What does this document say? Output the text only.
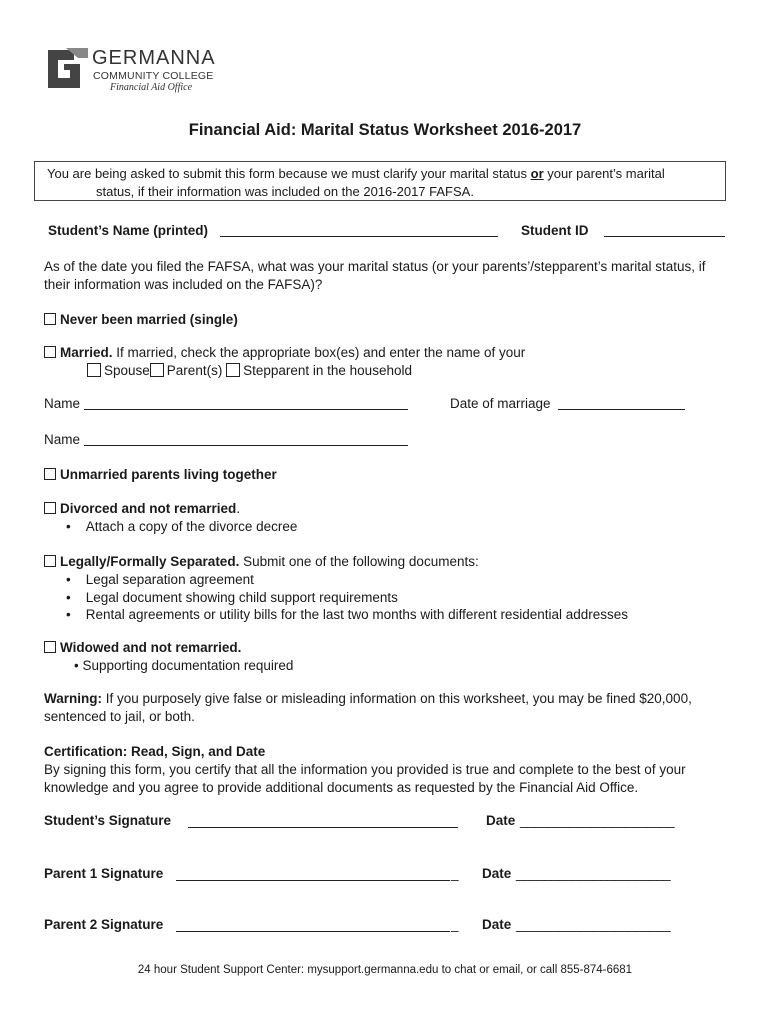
GERMANNA
COMMUNITY COLLEGE
Financial Aid Office
Financial Aid: Marital Status Worksheet 2016-2017
You are being asked to submit this form because we must clarify your marital status or your parent’s marital
status, if their information was included on the 2016-2017 FAFSA.
Student’s Name (printed)	Student ID
As of the date you filed the FAFSA, what was your marital status (or your parents’/stepparent’s marital status, if their information was included on the FAFSA)?
Never been married (single)
Married. If married, check the appropriate box(es) and enter the name of your
Spouse Parent(s) Stepparent in the household
Name	Date of marriage
Name
Unmarried parents living together
Divorced and not remarried.
• Attach a copy of the divorce decree
Legally/Formally Separated. Submit one of the following documents:
• Legal separation agreement
• Legal document showing child support requirements
• Rental agreements or utility bills for the last two months with different residential addresses
Widowed and not remarried.
• Supporting documentation required
Warning: If you purposely give false or misleading information on this worksheet, you may be fined $20,000,
sentenced to jail, or both.
Certification: Read, Sign, and Date
By signing this form, you certify that all the information you provided is true and complete to the best of your
knowledge and you agree to provide additional documents as requested by the Financial Aid Office.
Student’s Signature	Date ______________________
Parent 1 Signature	_ Date ______________________
Parent 2 Signature	_ Date ______________________
24 hour Student Support Center: mysupport.germanna.edu to chat or email, or call 855-874-6681
